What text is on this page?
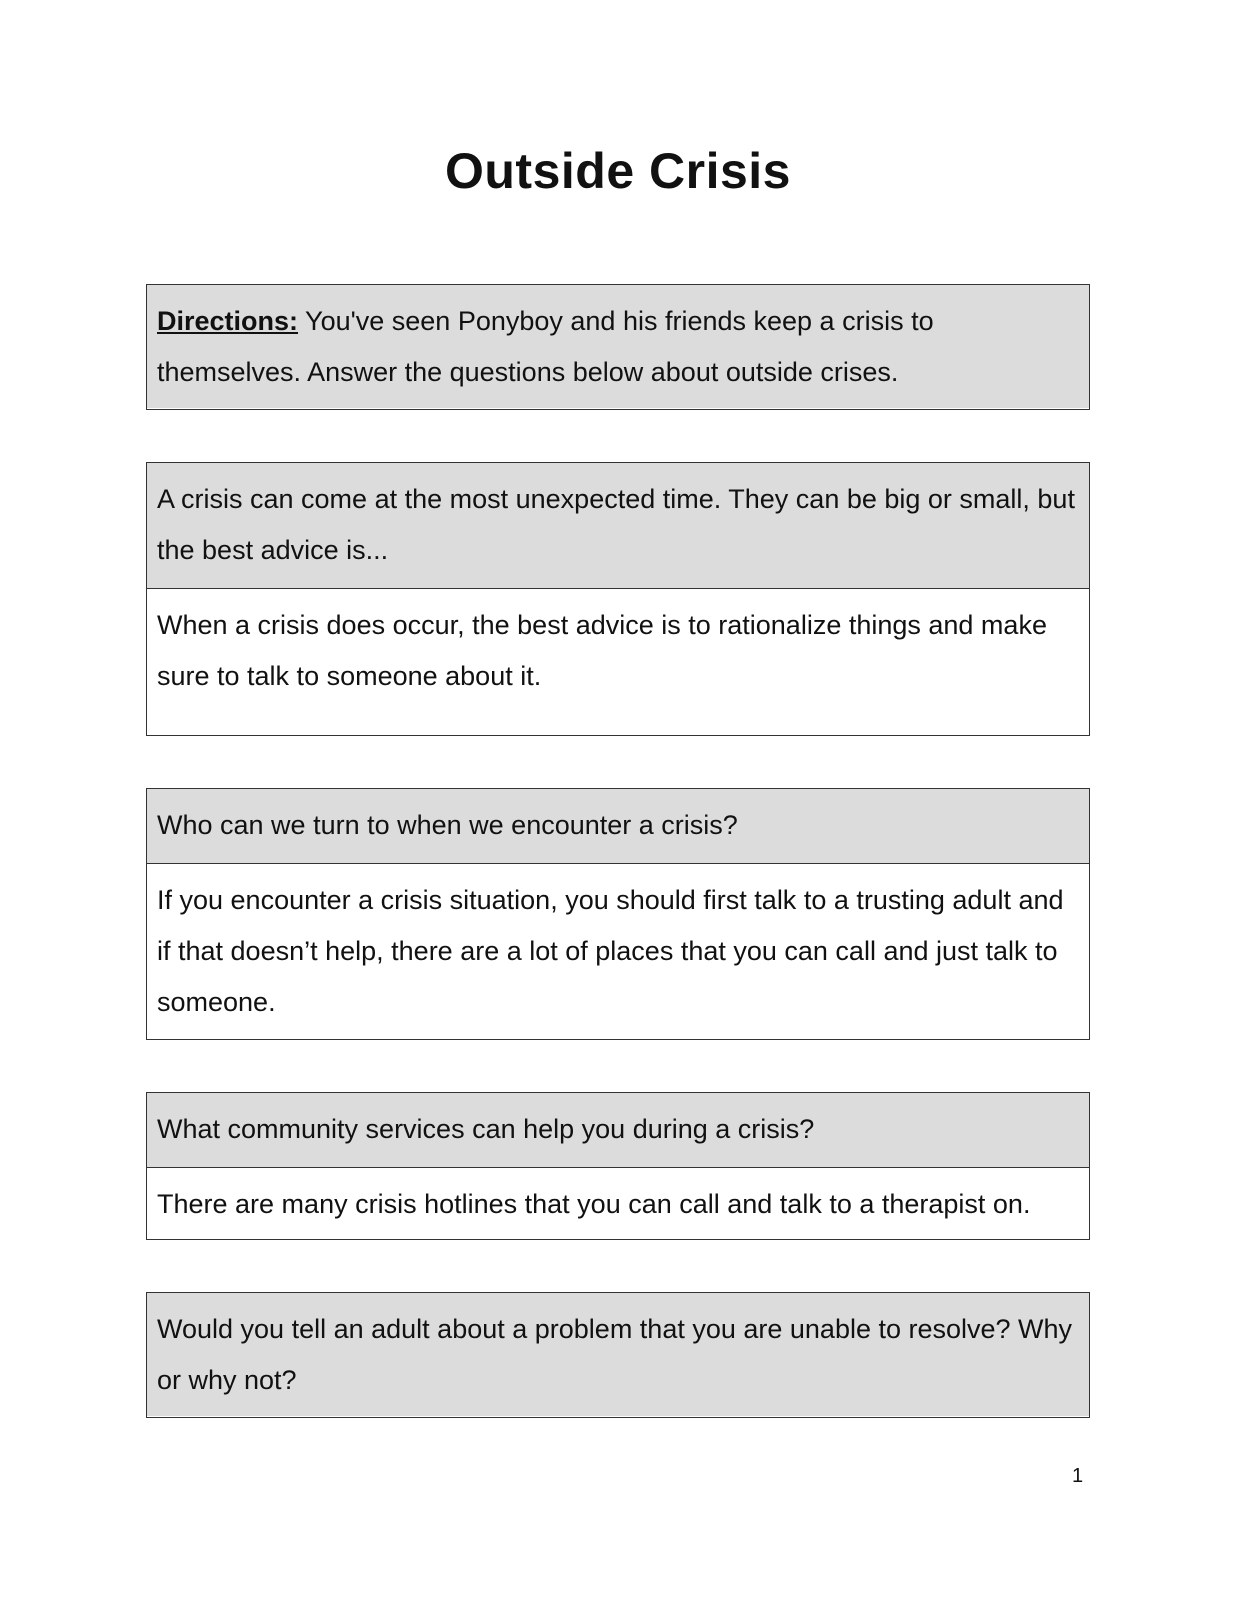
Outside Crisis
Directions: You've seen Ponyboy and his friends keep a crisis to themselves. Answer the questions below about outside crises.
A crisis can come at the most unexpected time. They can be big or small, but the best advice is...
When a crisis does occur, the best advice is to rationalize things and make sure to talk to someone about it.
Who can we turn to when we encounter a crisis?
If you encounter a crisis situation, you should first talk to a trusting adult and if that doesn’t help, there are a lot of places that you can call and just talk to someone.
What community services can help you during a crisis?
There are many crisis hotlines that you can call and talk to a therapist on.
Would you tell an adult about a problem that you are unable to resolve? Why or why not?
1
